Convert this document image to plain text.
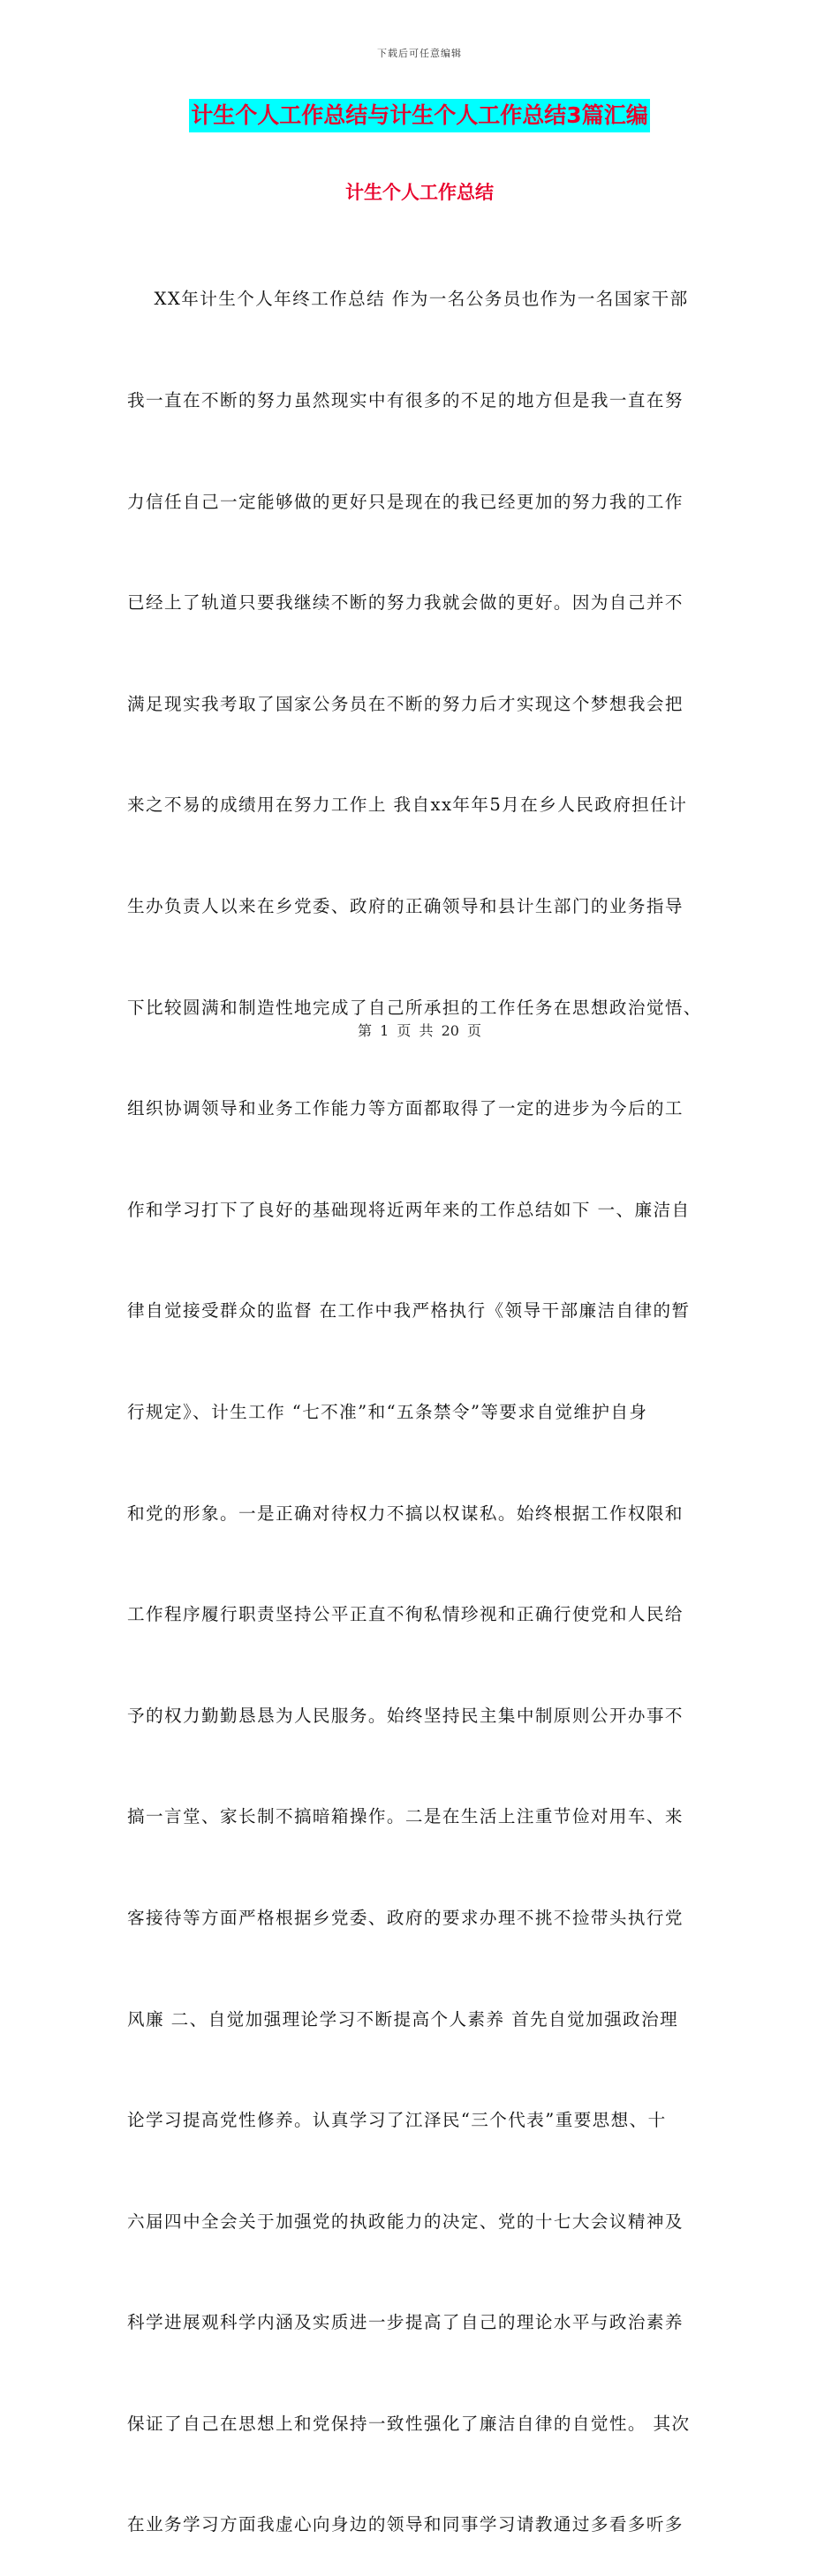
下载后可任意编辑
计生个人工作总结与计生个人工作总结3篇汇编
计生个人工作总结

XX年计生个人年终工作总结 作为一名公务员也作为一名国家干部

我一直在不断的努力虽然现实中有很多的不足的地方但是我一直在努

力信任自己一定能够做的更好只是现在的我已经更加的努力我的工作

已经上了轨道只要我继续不断的努力我就会做的更好。因为自己并不

满足现实我考取了国家公务员在不断的努力后才实现这个梦想我会把

来之不易的成绩用在努力工作上 我自xx年年5月在乡人民政府担任计

生办负责人以来在乡党委、政府的正确领导和县计生部门的业务指导

下比较圆满和制造性地完成了自己所承担的工作任务在思想政治觉悟、

组织协调领导和业务工作能力等方面都取得了一定的进步为今后的工

作和学习打下了良好的基础现将近两年来的工作总结如下 一、廉洁自

律自觉接受群众的监督 在工作中我严格执行《领导干部廉洁自律的暂

行规定》、计生工作 “七不准”和“五条禁令”等要求自觉维护自身

和党的形象。一是正确对待权力不搞以权谋私。始终根据工作权限和

工作程序履行职责坚持公平正直不徇私情珍视和正确行使党和人民给

予的权力勤勤恳恳为人民服务。始终坚持民主集中制原则公开办事不

搞一言堂、家长制不搞暗箱操作。二是在生活上注重节俭对用车、来

客接待等方面严格根据乡党委、政府的要求办理不挑不捡带头执行党

风廉 二、自觉加强理论学习不断提高个人素养 首先自觉加强政治理

论学习提高党性修养。认真学习了江泽民“三个代表”重要思想、十

六届四中全会关于加强党的执政能力的决定、党的十七大会议精神及

科学进展观科学内涵及实质进一步提高了自己的理论水平与政治素养

保证了自己在思想上和党保持一致性强化了廉洁自律的自觉性。 其次

在业务学习方面我虚心向身边的领导和同事学习请教通过多看多听多

第 1 页 共 20 页
